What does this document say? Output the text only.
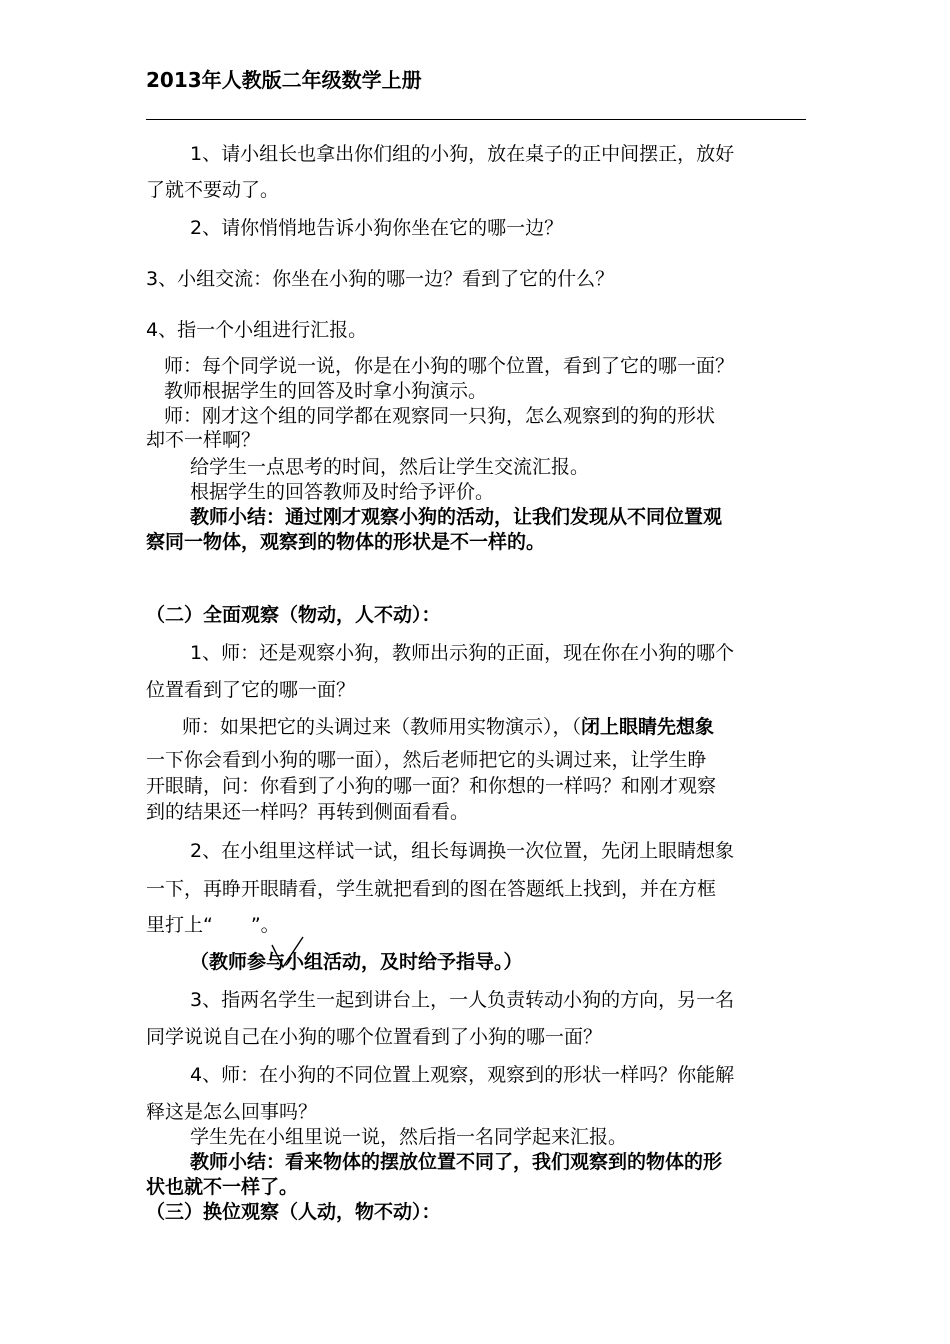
2013年人教版二年级数学上册
1、请小组长也拿出你们组的小狗，放在桌子的正中间摆正，放好
了就不要动了。
2、请你悄悄地告诉小狗你坐在它的哪一边？
3、小组交流：你坐在小狗的哪一边？看到了它的什么？
4、指一个小组进行汇报。
师：每个同学说一说，你是在小狗的哪个位置，看到了它的哪一面？
教师根据学生的回答及时拿小狗演示。
师：刚才这个组的同学都在观察同一只狗，怎么观察到的狗的形状
却不一样啊？
给学生一点思考的时间，然后让学生交流汇报。
根据学生的回答教师及时给予评价。
教师小结：通过刚才观察小狗的活动，让我们发现从不同位置观
察同一物体，观察到的物体的形状是不一样的。
（二）全面观察（物动，人不动）：
1、师：还是观察小狗，教师出示狗的正面，现在你在小狗的哪个
位置看到了它的哪一面？
师：如果把它的头调过来（教师用实物演示），（闭上眼睛先想象
一下你会看到小狗的哪一面），然后老师把它的头调过来，让学生睁
开眼睛，问：你看到了小狗的哪一面？和你想的一样吗？和刚才观察
到的结果还一样吗？再转到侧面看看。
2、在小组里这样试一试，组长每调换一次位置，先闭上眼睛想象
一下，再睁开眼睛看，学生就把看到的图在答题纸上找到，并在方框
里打上“　　”。
（教师参与小组活动，及时给予指导。）
3、指两名学生一起到讲台上，一人负责转动小狗的方向，另一名
同学说说自己在小狗的哪个位置看到了小狗的哪一面？
4、师：在小狗的不同位置上观察，观察到的形状一样吗？你能解
释这是怎么回事吗？
学生先在小组里说一说，然后指一名同学起来汇报。
教师小结：看来物体的摆放位置不同了，我们观察到的物体的形
状也就不一样了。
（三）换位观察（人动，物不动）：
